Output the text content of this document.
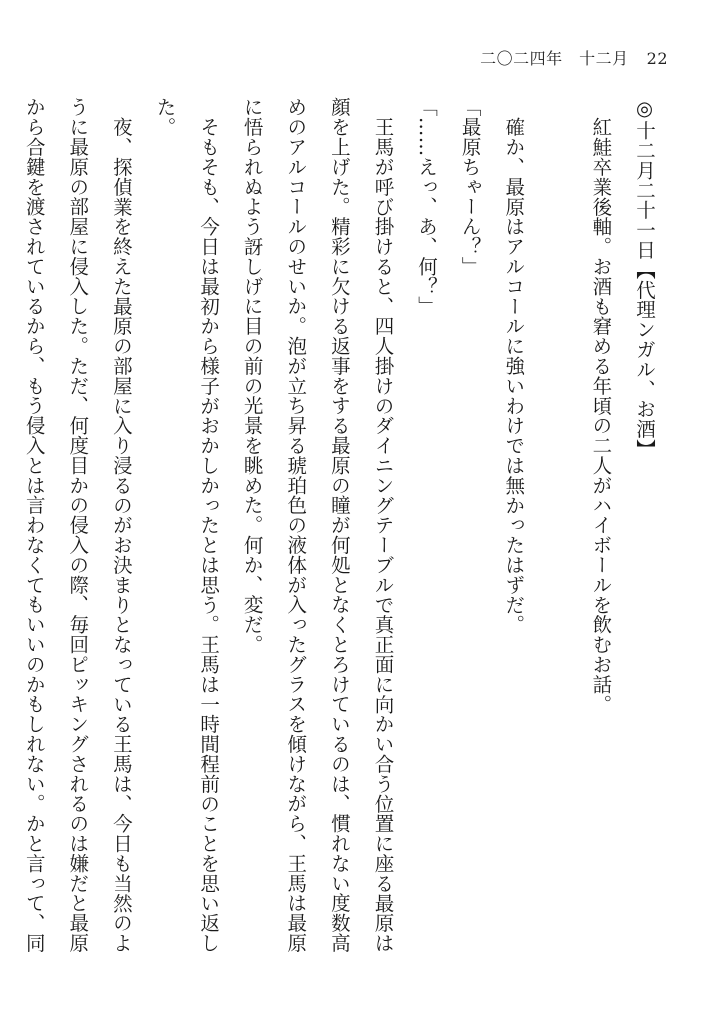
二〇二四年　十二月 22

◎十二月二十一日【代理ンガル、お酒】

紅鮭卒業後軸。お酒も窘める年頃の二人がハイボールを飲むお話。

確か、最原はアルコールに強いわけでは無かったはずだ。

「最原ちゃーん？」

「……えっ、あ、何？」

王馬が呼び掛けると、四人掛けのダイニングテーブルで真正面に向かい合う位置に座る最原は顔を上げた。精彩に欠ける返事をする最原の瞳が何処となくとろけているのは、慣れない度数高めのアルコールのせいか。泡が立ち昇る琥珀色の液体が入ったグラスを傾けながら、王馬は最原に悟られぬよう訝しげに目の前の光景を眺めた。何か、変だ。

そもそも、今日は最初から様子がおかしかったとは思う。王馬は一時間程前のことを思い返した。

夜、探偵業を終えた最原の部屋に入り浸るのがお決まりとなっている王馬は、今日も当然のように最原の部屋に侵入した。ただ、何度目かの侵入の際、毎回ピッキングされるのは嫌だと最原から合鍵を渡されているから、もう侵入とは言わなくてもいいのかもしれない。かと言って、同
